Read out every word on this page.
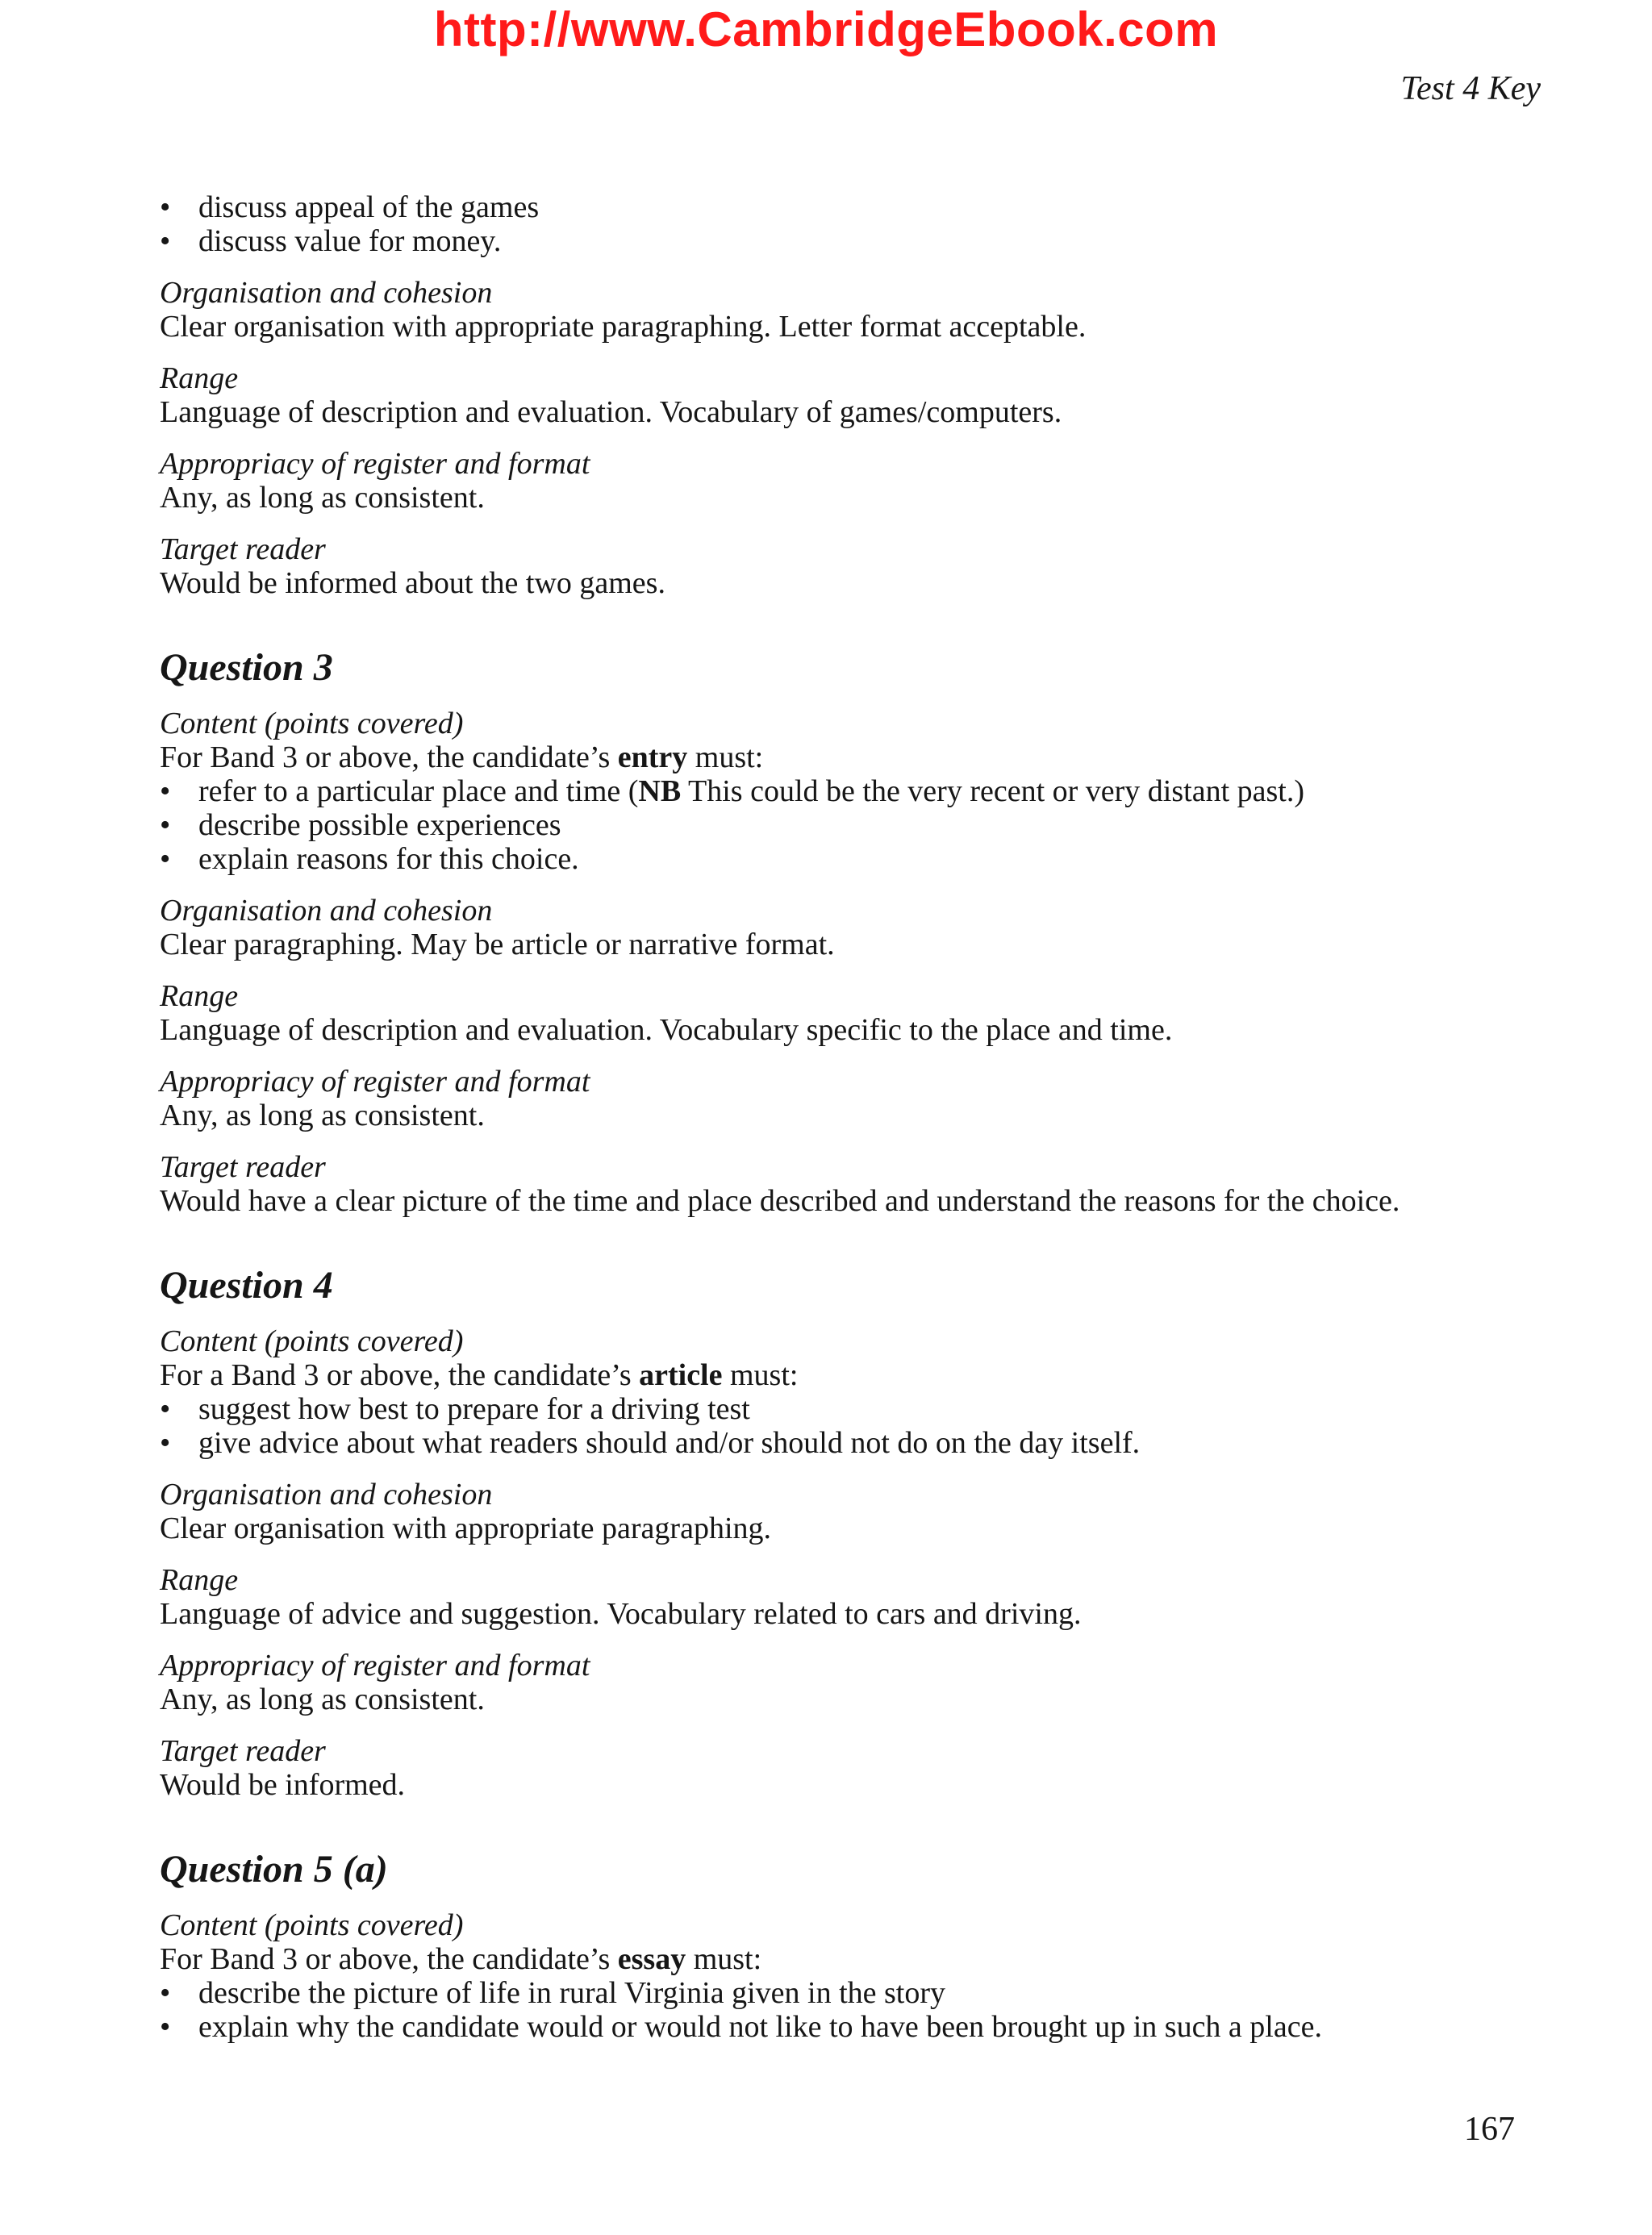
http://www.CambridgeEbook.com
Test 4 Key
• discuss appeal of the games
• discuss value for money.

Organisation and cohesion

Clear organisation with appropriate paragraphing. Letter format acceptable.

Range

Language of description and evaluation. Vocabulary of games/computers.

Appropriacy of register and format

Any, as long as consistent.

Target reader

Would be informed about the two games.

Question 3

Content (points covered)

For Band 3 or above, the candidate’s entry must:

• refer to a particular place and time (NB This could be the very recent or very distant past.)
• describe possible experiences
• explain reasons for this choice.

Organisation and cohesion

Clear paragraphing. May be article or narrative format.

Range

Language of description and evaluation. Vocabulary specific to the place and time.

Appropriacy of register and format

Any, as long as consistent.

Target reader

Would have a clear picture of the time and place described and understand the reasons for the choice.

Question 4

Content (points covered)

For a Band 3 or above, the candidate’s article must:

• suggest how best to prepare for a driving test
• give advice about what readers should and/or should not do on the day itself.

Organisation and cohesion

Clear organisation with appropriate paragraphing.

Range

Language of advice and suggestion. Vocabulary related to cars and driving.

Appropriacy of register and format

Any, as long as consistent.

Target reader

Would be informed.

Question 5 (a)

Content (points covered)

For Band 3 or above, the candidate’s essay must:

• describe the picture of life in rural Virginia given in the story
• explain why the candidate would or would not like to have been brought up in such a place.
167
